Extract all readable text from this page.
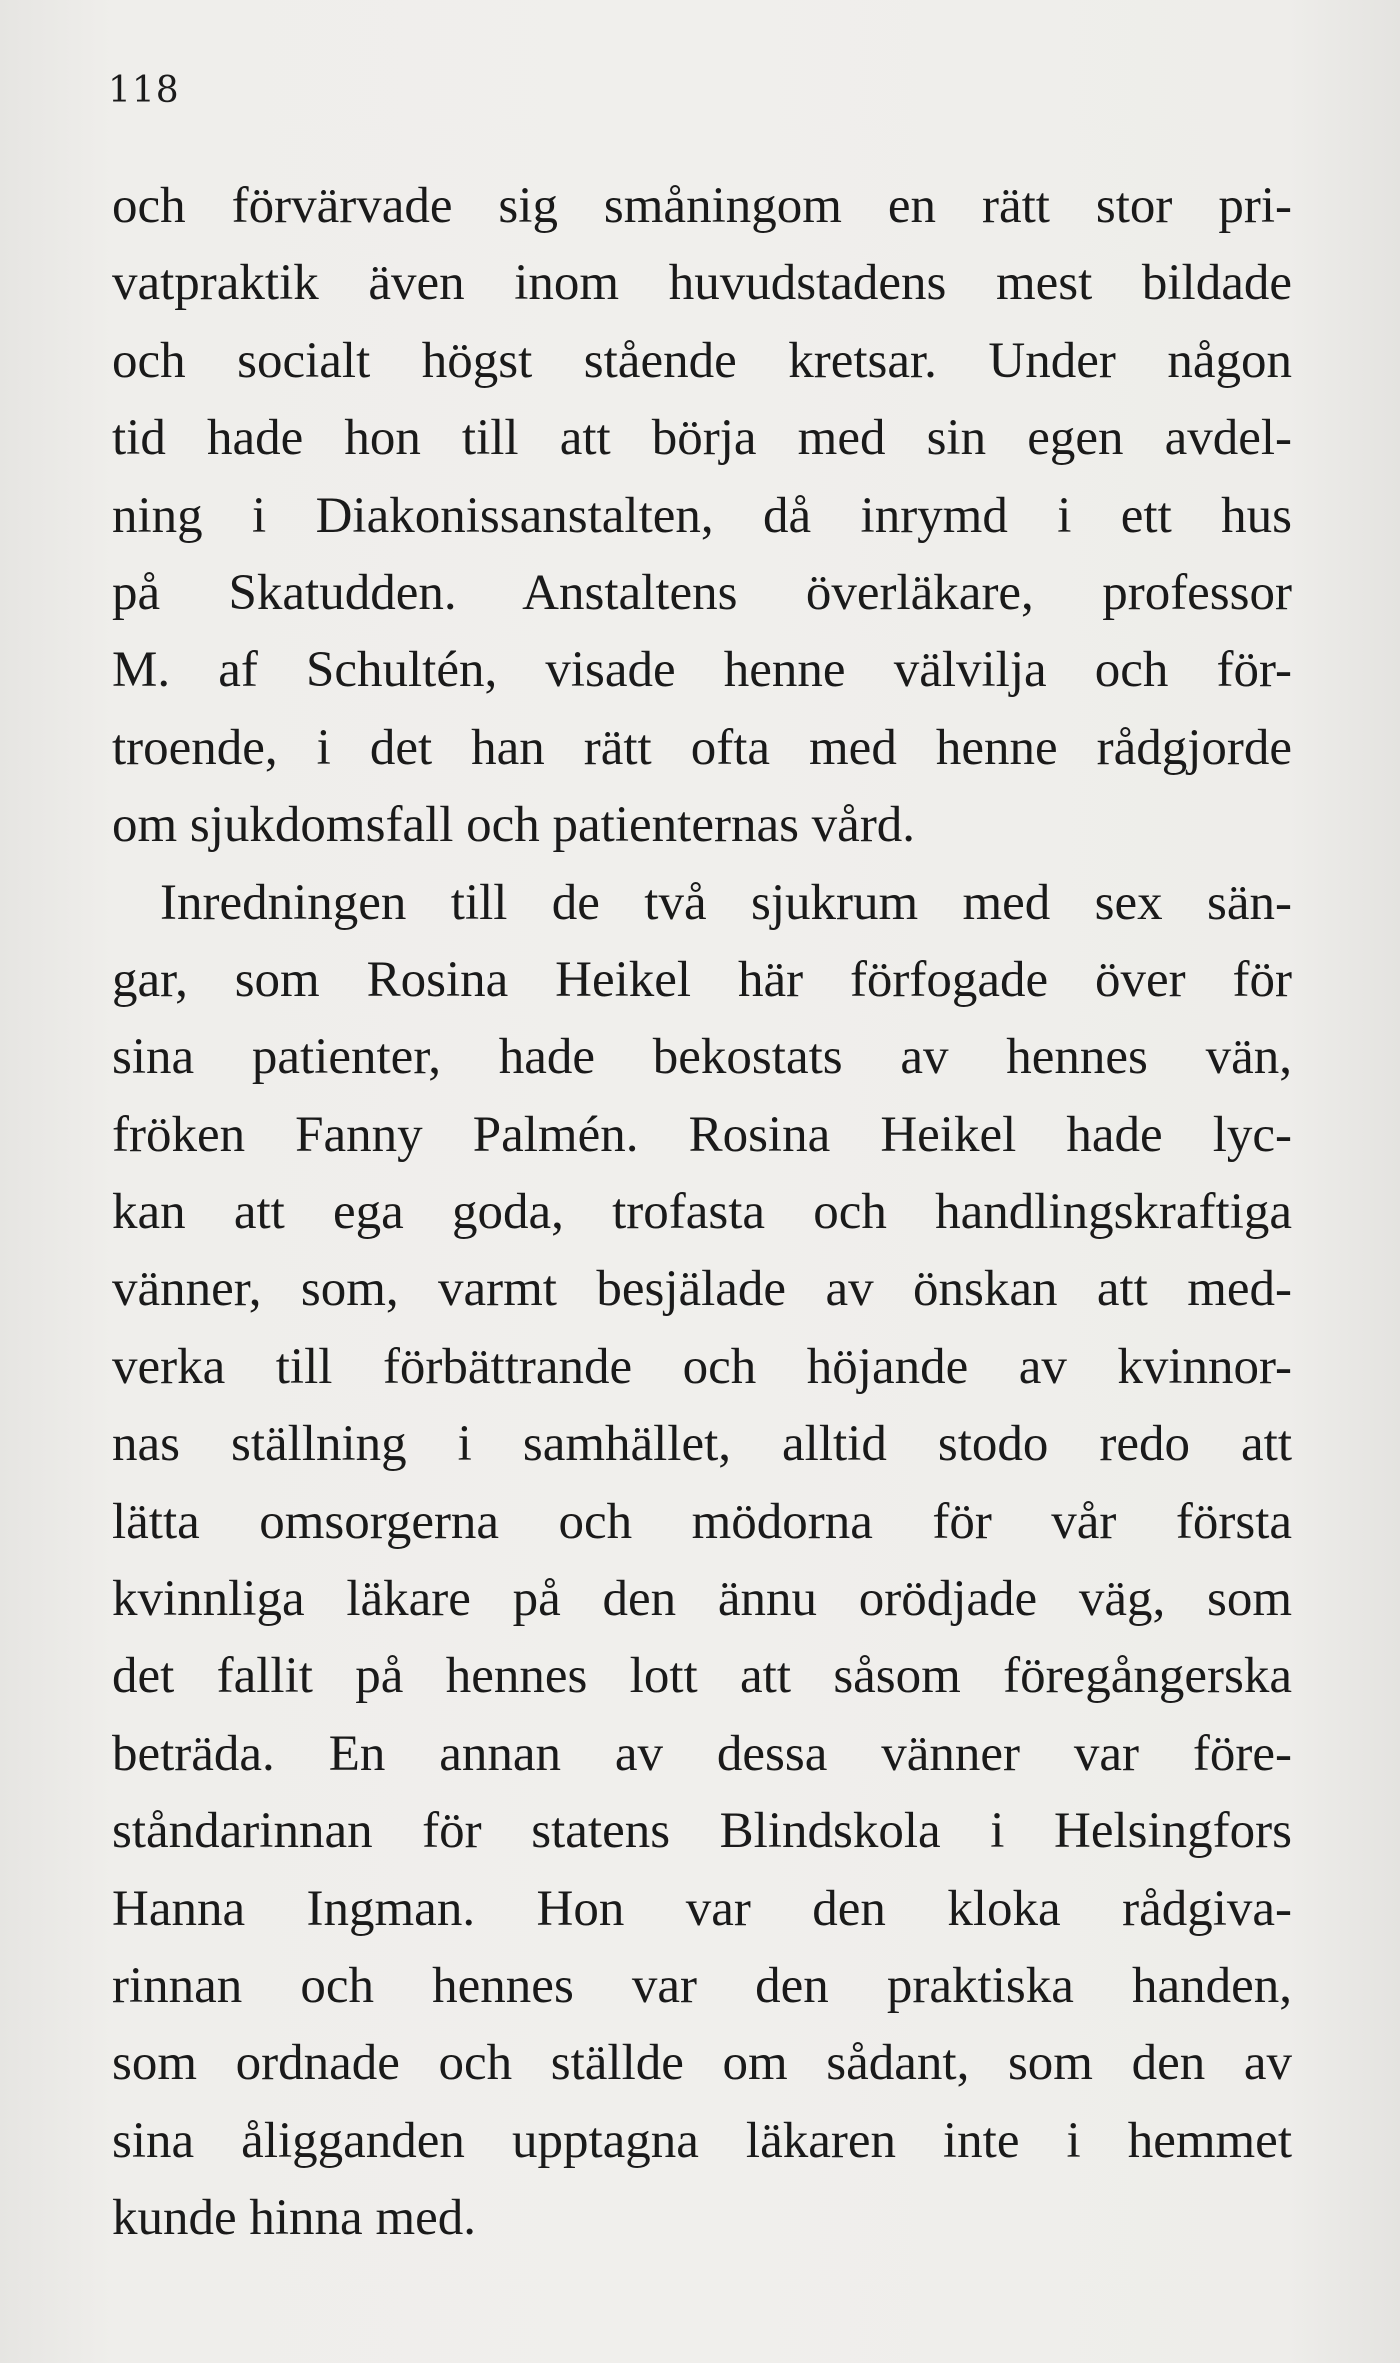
118
och förvärvade sig småningom en rätt stor pri-
vatpraktik även inom huvudstadens mest bildade
och socialt högst stående kretsar. Under någon
tid hade hon till att börja med sin egen avdel-
ning i Diakonissanstalten, då inrymd i ett hus
på Skatudden. Anstaltens överläkare, professor
M. af Schultén, visade henne välvilja och för-
troende, i det han rätt ofta med henne rådgjorde
om sjukdomsfall och patienternas vård.
Inredningen till de två sjukrum med sex sän-
gar, som Rosina Heikel här förfogade över för
sina patienter, hade bekostats av hennes vän,
fröken Fanny Palmén. Rosina Heikel hade lyc-
kan att ega goda, trofasta och handlingskraftiga
vänner, som, varmt besjälade av önskan att med-
verka till förbättrande och höjande av kvinnor-
nas ställning i samhället, alltid stodo redo att
lätta omsorgerna och mödorna för vår första
kvinnliga läkare på den ännu orödjade väg, som
det fallit på hennes lott att såsom föregångerska
beträda. En annan av dessa vänner var före-
ståndarinnan för statens Blindskola i Helsingfors
Hanna Ingman. Hon var den kloka rådgiva-
rinnan och hennes var den praktiska handen,
som ordnade och ställde om sådant, som den av
sina åligganden upptagna läkaren inte i hemmet
kunde hinna med.
